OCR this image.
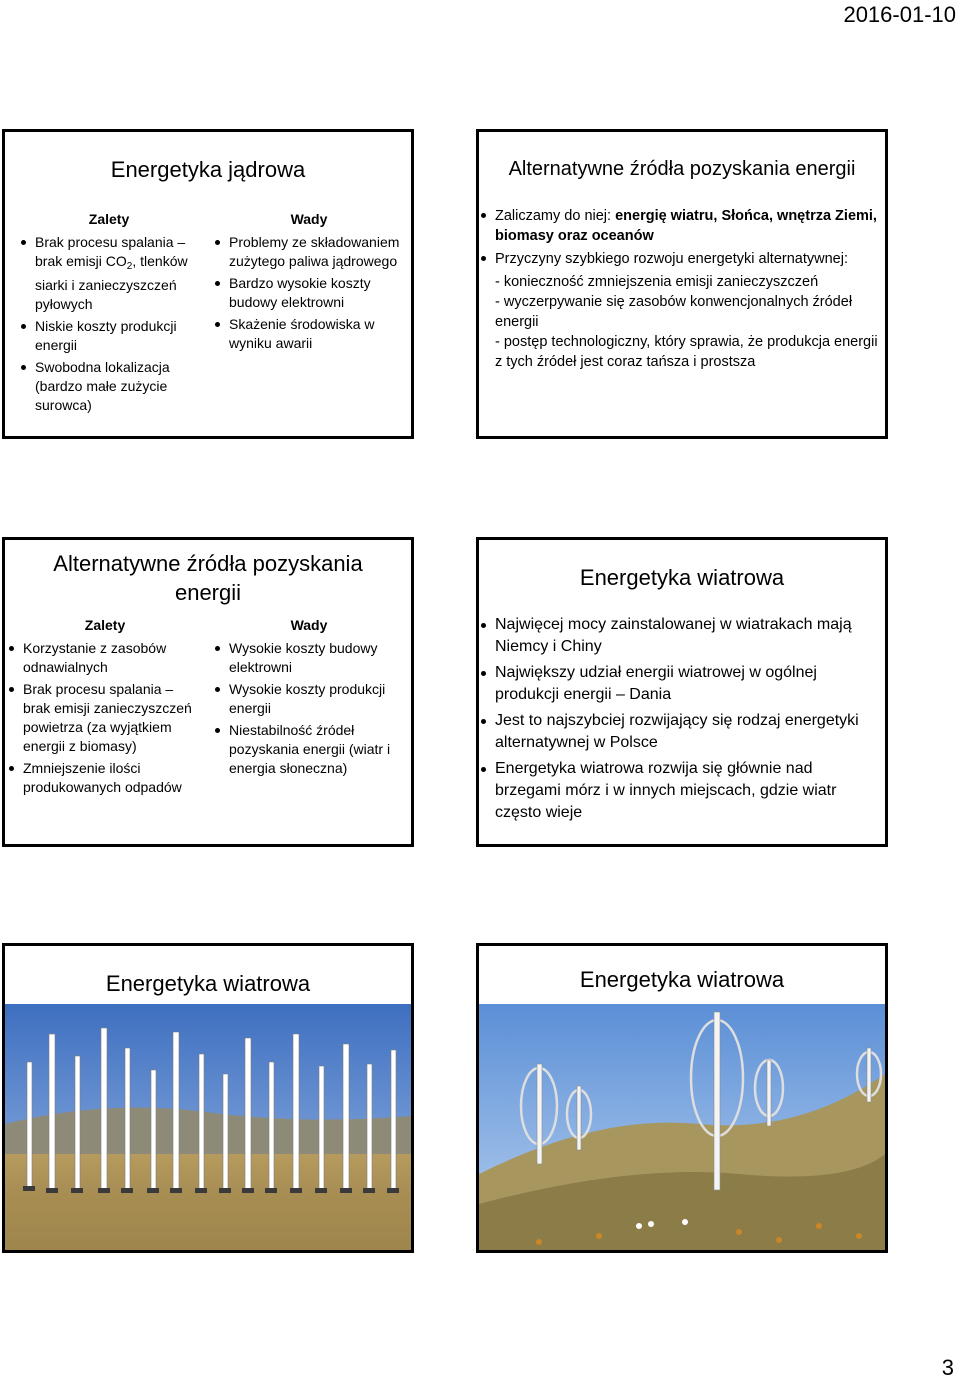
2016-01-10
Energetyka jądrowa
Zalety
Brak procesu spalania – brak emisji $CO_2$, tlenków siarki i zanieczyszczeń pyłowych
Niskie koszty produkcji energii
Swobodna lokalizacja (bardzo małe zużycie surowca)
Wady
Problemy ze składowaniem zużytego paliwa jądrowego
Bardzo wysokie koszty budowy elektrowni
Skażenie środowiska w wyniku awarii
Alternatywne źródła pozyskania energii
Zaliczamy do niej: energię wiatru, Słońca, wnętrza Ziemi, biomasy oraz oceanów
Przyczyny szybkiego rozwoju energetyki alternatywnej:
- konieczność zmniejszenia emisji zanieczyszczeń
- wyczerpywanie się zasobów konwencjonalnych źródeł energii
- postęp technologiczny, który sprawia, że produkcja energii z tych źródeł jest coraz tańsza i prostsza
Alternatywne źródła pozyskania energii
Zalety
Korzystanie z zasobów odnawialnych
Brak procesu spalania – brak emisji zanieczyszczeń powietrza (za wyjątkiem energii z biomasy)
Zmniejszenie ilości produkowanych odpadów
Wady
Wysokie koszty budowy elektrowni
Wysokie koszty produkcji energii
Niestabilność źródeł pozyskania energii (wiatr i energia słoneczna)
Energetyka wiatrowa
Najwięcej mocy zainstalowanej w wiatrakach mają Niemcy i Chiny
Największy udział energii wiatrowej w ogólnej produkcji energii – Dania
Jest to najszybciej rozwijający się rodzaj energetyki alternatywnej w Polsce
Energetyka wiatrowa rozwija się głównie nad brzegami mórz i w innych miejscach, gdzie wiatr często wieje
Energetyka wiatrowa	Energetyka wiatrowa
3
